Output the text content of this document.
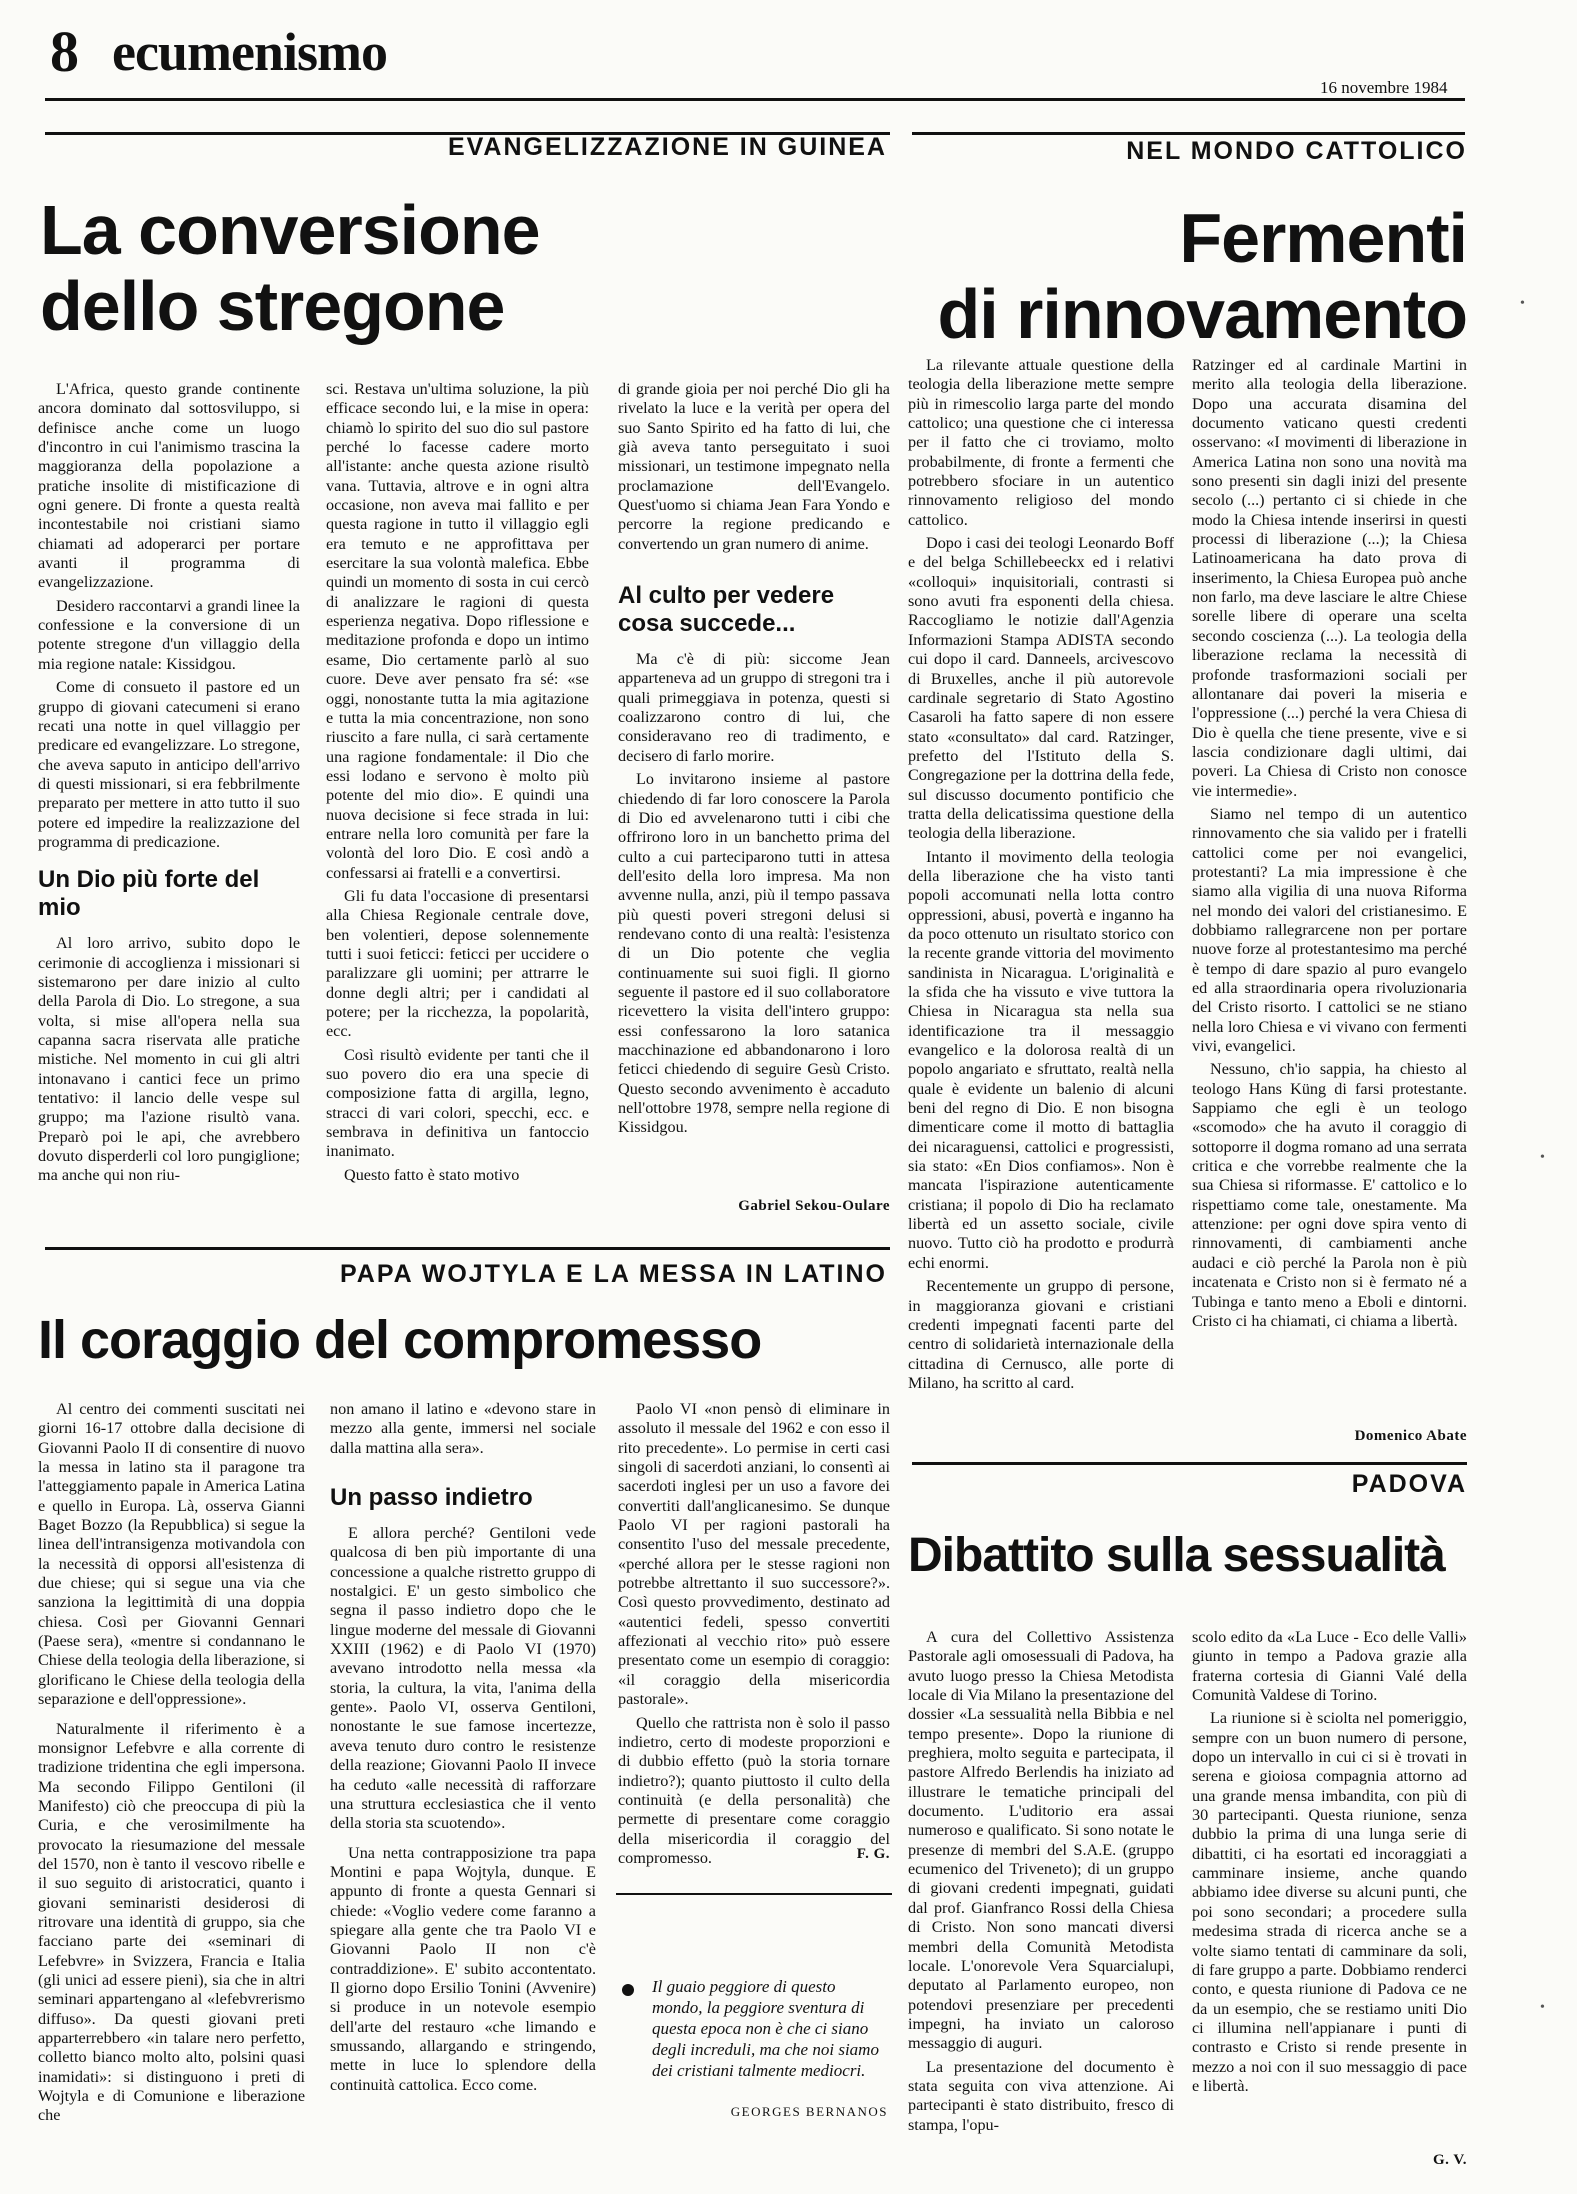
8 ecumenismo
16 novembre 1984
EVANGELIZZAZIONE IN GUINEA
La conversione
dello stregone

L'Africa, questo grande continente ancora dominato dal sottosviluppo, si definisce anche come un luogo d'incontro in cui l'animismo trascina la maggioranza della popolazione a pratiche insolite di mistificazione di ogni genere. Di fronte a questa realtà incontestabile noi cristiani siamo chiamati ad adoperarci per portare avanti il programma di evangelizzazione.

Desidero raccontarvi a grandi linee la confessione e la conversione di un potente stregone d'un villaggio della mia regione natale: Kissidgou.

Come di consueto il pastore ed un gruppo di giovani catecumeni si erano recati una notte in quel villaggio per predicare ed evangelizzare. Lo stregone, che aveva saputo in anticipo dell'arrivo di questi missionari, si era febbrilmente preparato per mettere in atto tutto il suo potere ed impedire la realizzazione del programma di predicazione.

Un Dio più forte del mio

Al loro arrivo, subito dopo le cerimonie di accoglienza i missionari si sistemarono per dare inizio al culto della Parola di Dio. Lo stregone, a sua volta, si mise all'opera nella sua capanna sacra riservata alle pratiche mistiche. Nel momento in cui gli altri intonavano i cantici fece un primo tentativo: il lancio delle vespe sul gruppo; ma l'azione risultò vana. Preparò poi le api, che avrebbero dovuto disperderli col loro pungiglione; ma anche qui non riu-

sci. Restava un'ultima soluzione, la più efficace secondo lui, e la mise in opera: chiamò lo spirito del suo dio sul pastore perché lo facesse cadere morto all'istante: anche questa azione risultò vana. Tuttavia, altrove e in ogni altra occasione, non aveva mai fallito e per questa ragione in tutto il villaggio egli era temuto e ne approfittava per esercitare la sua volontà malefica. Ebbe quindi un momento di sosta in cui cercò di analizzare le ragioni di questa esperienza negativa. Dopo riflessione e meditazione profonda e dopo un intimo esame, Dio certamente parlò al suo cuore. Deve aver pensato fra sé: «se oggi, nonostante tutta la mia agitazione e tutta la mia concentrazione, non sono riuscito a fare nulla, ci sarà certamente una ragione fondamentale: il Dio che essi lodano e servono è molto più potente del mio dio». E quindi una nuova decisione si fece strada in lui: entrare nella loro comunità per fare la volontà del loro Dio. E così andò a confessarsi ai fratelli e a convertirsi.

Gli fu data l'occasione di presentarsi alla Chiesa Regionale centrale dove, ben volentieri, depose solennemente tutti i suoi feticci: feticci per uccidere o paralizzare gli uomini; per attrarre le donne degli altri; per i candidati al potere; per la ricchezza, la popolarità, ecc.

Così risultò evidente per tanti che il suo povero dio era una specie di composizione fatta di argilla, legno, stracci di vari colori, specchi, ecc. e sembrava in definitiva un fantoccio inanimato.

Questo fatto è stato motivo

di grande gioia per noi perché Dio gli ha rivelato la luce e la verità per opera del suo Santo Spirito ed ha fatto di lui, che già aveva tanto perseguitato i suoi missionari, un testimone impegnato nella proclamazione dell'Evangelo. Quest'uomo si chiama Jean Fara Yondo e percorre la regione predicando e convertendo un gran numero di anime.

Al culto per vedere cosa succede...

Ma c'è di più: siccome Jean apparteneva ad un gruppo di stregoni tra i quali primeggiava in potenza, questi si coalizzarono contro di lui, che consideravano reo di tradimento, e decisero di farlo morire.

Lo invitarono insieme al pastore chiedendo di far loro conoscere la Parola di Dio ed avvelenarono tutti i cibi che offrirono loro in un banchetto prima del culto a cui parteciparono tutti in attesa dell'esito della loro impresa. Ma non avvenne nulla, anzi, più il tempo passava più questi poveri stregoni delusi si rendevano conto di una realtà: l'esistenza di un Dio potente che veglia continuamente sui suoi figli. Il giorno seguente il pastore ed il suo collaboratore ricevettero la visita dell'intero gruppo: essi confessarono la loro satanica macchinazione ed abbandonarono i loro feticci chiedendo di seguire Gesù Cristo. Questo secondo avvenimento è accaduto nell'ottobre 1978, sempre nella regione di Kissidgou.

Gabriel Sekou-Oulare
NEL MONDO CATTOLICO
Fermenti
di rinnovamento

La rilevante attuale questione della teologia della liberazione mette sempre più in rimescolio larga parte del mondo cattolico; una questione che ci interessa per il fatto che ci troviamo, molto probabilmente, di fronte a fermenti che potrebbero sfociare in un autentico rinnovamento religioso del mondo cattolico.

Dopo i casi dei teologi Leonardo Boff e del belga Schillebeeckx ed i relativi «colloqui» inquisitoriali, contrasti si sono avuti fra esponenti della chiesa. Raccogliamo le notizie dall'Agenzia Informazioni Stampa ADISTA secondo cui dopo il card. Danneels, arcivescovo di Bruxelles, anche il più autorevole cardinale segretario di Stato Agostino Casaroli ha fatto sapere di non essere stato «consultato» dal card. Ratzinger, prefetto del l'Istituto della S. Congregazione per la dottrina della fede, sul discusso documento pontificio che tratta della delicatissima questione della teologia della liberazione.

Intanto il movimento della teologia della liberazione che ha visto tanti popoli accomunati nella lotta contro oppressioni, abusi, povertà e inganno ha da poco ottenuto un risultato storico con la recente grande vittoria del movimento sandinista in Nicaragua. L'originalità e la sfida che ha vissuto e vive tuttora la Chiesa in Nicaragua sta nella sua identificazione tra il messaggio evangelico e la dolorosa realtà di un popolo angariato e sfruttato, realtà nella quale è evidente un balenio di alcuni beni del regno di Dio. E non bisogna dimenticare come il motto di battaglia dei nicaraguensi, cattolici e progressisti, sia stato: «En Dios confiamos». Non è mancata l'ispirazione autenticamente cristiana; il popolo di Dio ha reclamato libertà ed un assetto sociale, civile nuovo. Tutto ciò ha prodotto e produrrà echi enormi.

Recentemente un gruppo di persone, in maggioranza giovani e cristiani credenti impegnati facenti parte del centro di solidarietà internazionale della cittadina di Cernusco, alle porte di Milano, ha scritto al card.

Ratzinger ed al cardinale Martini in merito alla teologia della liberazione. Dopo una accurata disamina del documento vaticano questi credenti osservano: «I movimenti di liberazione in America Latina non sono una novità ma sono presenti sin dagli inizi del presente secolo (...) pertanto ci si chiede in che modo la Chiesa intende inserirsi in questi processi di liberazione (...); la Chiesa Latinoamericana ha dato prova di inserimento, la Chiesa Europea può anche non farlo, ma deve lasciare le altre Chiese sorelle libere di operare una scelta secondo coscienza (...). La teologia della liberazione reclama la necessità di profonde trasformazioni sociali per allontanare dai poveri la miseria e l'oppressione (...) perché la vera Chiesa di Dio è quella che tiene presente, vive e si lascia condizionare dagli ultimi, dai poveri. La Chiesa di Cristo non conosce vie intermedie».

Siamo nel tempo di un autentico rinnovamento che sia valido per i fratelli cattolici come per noi evangelici, protestanti? La mia impressione è che siamo alla vigilia di una nuova Riforma nel mondo dei valori del cristianesimo. E dobbiamo rallegrarcene non per portare nuove forze al protestantesimo ma perché è tempo di dare spazio al puro evangelo ed alla straordinaria opera rivoluzionaria del Cristo risorto. I cattolici se ne stiano nella loro Chiesa e vi vivano con fermenti vivi, evangelici.

Nessuno, ch'io sappia, ha chiesto al teologo Hans Küng di farsi protestante. Sappiamo che egli è un teologo «scomodo» che ha avuto il coraggio di sottoporre il dogma romano ad una serrata critica e che vorrebbe realmente che la sua Chiesa si riformasse. E' cattolico e lo rispettiamo come tale, onestamente. Ma attenzione: per ogni dove spira vento di rinnovamenti, di cambiamenti anche audaci e ciò perché la Parola non è più incatenata e Cristo non si è fermato né a Tubinga e tanto meno a Eboli e dintorni. Cristo ci ha chiamati, ci chiama a libertà.

Domenico Abate
PAPA WOJTYLA E LA MESSA IN LATINO
Il coraggio del compromesso

Al centro dei commenti suscitati nei giorni 16-17 ottobre dalla decisione di Giovanni Paolo II di consentire di nuovo la messa in latino sta il paragone tra l'atteggiamento papale in America Latina e quello in Europa. Là, osserva Gianni Baget Bozzo (la Repubblica) si segue la linea dell'intransigenza motivandola con la necessità di opporsi all'esistenza di due chiese; qui si segue una via che sanziona la legittimità di una doppia chiesa. Così per Giovanni Gennari (Paese sera), «mentre si condannano le Chiese della teologia della liberazione, si glorificano le Chiese della teologia della separazione e dell'oppressione».

Naturalmente il riferimento è a monsignor Lefebvre e alla corrente di tradizione tridentina che egli impersona. Ma secondo Filippo Gentiloni (il Manifesto) ciò che preoccupa di più la Curia, e che verosimilmente ha provocato la riesumazione del messale del 1570, non è tanto il vescovo ribelle e il suo seguito di aristocratici, quanto i giovani seminaristi desiderosi di ritrovare una identità di gruppo, sia che facciano parte dei «seminari di Lefebvre» in Svizzera, Francia e Italia (gli unici ad essere pieni), sia che in altri seminari appartengano al «lefebvrerismo diffuso». Da questi giovani preti apparterrebbero «in talare nero perfetto, colletto bianco molto alto, polsini quasi inamidati»: si distinguono i preti di Wojtyla e di Comunione e liberazione che

non amano il latino e «devono stare in mezzo alla gente, immersi nel sociale dalla mattina alla sera».

Un passo indietro

E allora perché? Gentiloni vede qualcosa di ben più importante di una concessione a qualche ristretto gruppo di nostalgici. E' un gesto simbolico che segna il passo indietro dopo che le lingue moderne del messale di Giovanni XXIII (1962) e di Paolo VI (1970) avevano introdotto nella messa «la storia, la cultura, la vita, l'anima della gente». Paolo VI, osserva Gentiloni, nonostante le sue famose incertezze, aveva tenuto duro contro le resistenze della reazione; Giovanni Paolo II invece ha ceduto «alle necessità di rafforzare una struttura ecclesiastica che il vento della storia sta scuotendo».

Una netta contrapposizione tra papa Montini e papa Wojtyla, dunque. E appunto di fronte a questa Gennari si chiede: «Voglio vedere come faranno a spiegare alla gente che tra Paolo VI e Giovanni Paolo II non c'è contraddizione». E' subito accontentato. Il giorno dopo Ersilio Tonini (Avvenire) si produce in un notevole esempio dell'arte del restauro «che limando e smussando, allargando e stringendo, mette in luce lo splendore della continuità cattolica. Ecco come.

Paolo VI «non pensò di eliminare in assoluto il messale del 1962 e con esso il rito precedente». Lo permise in certi casi singoli di sacerdoti anziani, lo consentì ai sacerdoti inglesi per un uso a favore dei convertiti dall'anglicanesimo. Se dunque Paolo VI per ragioni pastorali ha consentito l'uso del messale precedente, «perché allora per le stesse ragioni non potrebbe altrettanto il suo successore?». Così questo provvedimento, destinato ad «autentici fedeli, spesso convertiti affezionati al vecchio rito» può essere presentato come un esempio di coraggio: «il coraggio della misericordia pastorale».

Quello che rattrista non è solo il passo indietro, certo di modeste proporzioni e di dubbio effetto (può la storia tornare indietro?); quanto piuttosto il culto della continuità (e della personalità) che permette di presentare come coraggio della misericordia il coraggio del compromesso.	F. G.
Il guaio peggiore di questo mondo, la peggiore sventura di questa epoca non è che ci siano degli increduli, ma che noi siamo dei cristiani talmente mediocri.
GEORGES BERNANOS
PADOVA
Dibattito sulla sessualità

A cura del Collettivo Assistenza Pastorale agli omosessuali di Padova, ha avuto luogo presso la Chiesa Metodista locale di Via Milano la presentazione del dossier «La sessualità nella Bibbia e nel tempo presente». Dopo la riunione di preghiera, molto seguita e partecipata, il pastore Alfredo Berlendis ha iniziato ad illustrare le tematiche principali del documento. L'uditorio era assai numeroso e qualificato. Si sono notate le presenze di membri del S.A.E. (gruppo ecumenico del Triveneto); di un gruppo di giovani credenti impegnati, guidati dal prof. Gianfranco Rossi della Chiesa di Cristo. Non sono mancati diversi membri della Comunità Metodista locale. L'onorevole Vera Squarcialupi, deputato al Parlamento europeo, non potendovi presenziare per precedenti impegni, ha inviato un caloroso messaggio di auguri.

La presentazione del documento è stata seguita con viva attenzione. Ai partecipanti è stato distribuito, fresco di stampa, l'opu-

scolo edito da «La Luce - Eco delle Valli» giunto in tempo a Padova grazie alla fraterna cortesia di Gianni Valé della Comunità Valdese di Torino.

La riunione si è sciolta nel pomeriggio, sempre con un buon numero di persone, dopo un intervallo in cui ci si è trovati in serena e gioiosa compagnia attorno ad una grande mensa imbandita, con più di 30 partecipanti. Questa riunione, senza dubbio la prima di una lunga serie di dibattiti, ci ha esortati ed incoraggiati a camminare insieme, anche quando abbiamo idee diverse su alcuni punti, che poi sono secondari; a procedere sulla medesima strada di ricerca anche se a volte siamo tentati di camminare da soli, di fare gruppo a parte. Dobbiamo renderci conto, e questa riunione di Padova ce ne da un esempio, che se restiamo uniti Dio ci illumina nell'appianare i punti di contrasto e Cristo si rende presente in mezzo a noi con il suo messaggio di pace e libertà.

G. V.
•
•
•
